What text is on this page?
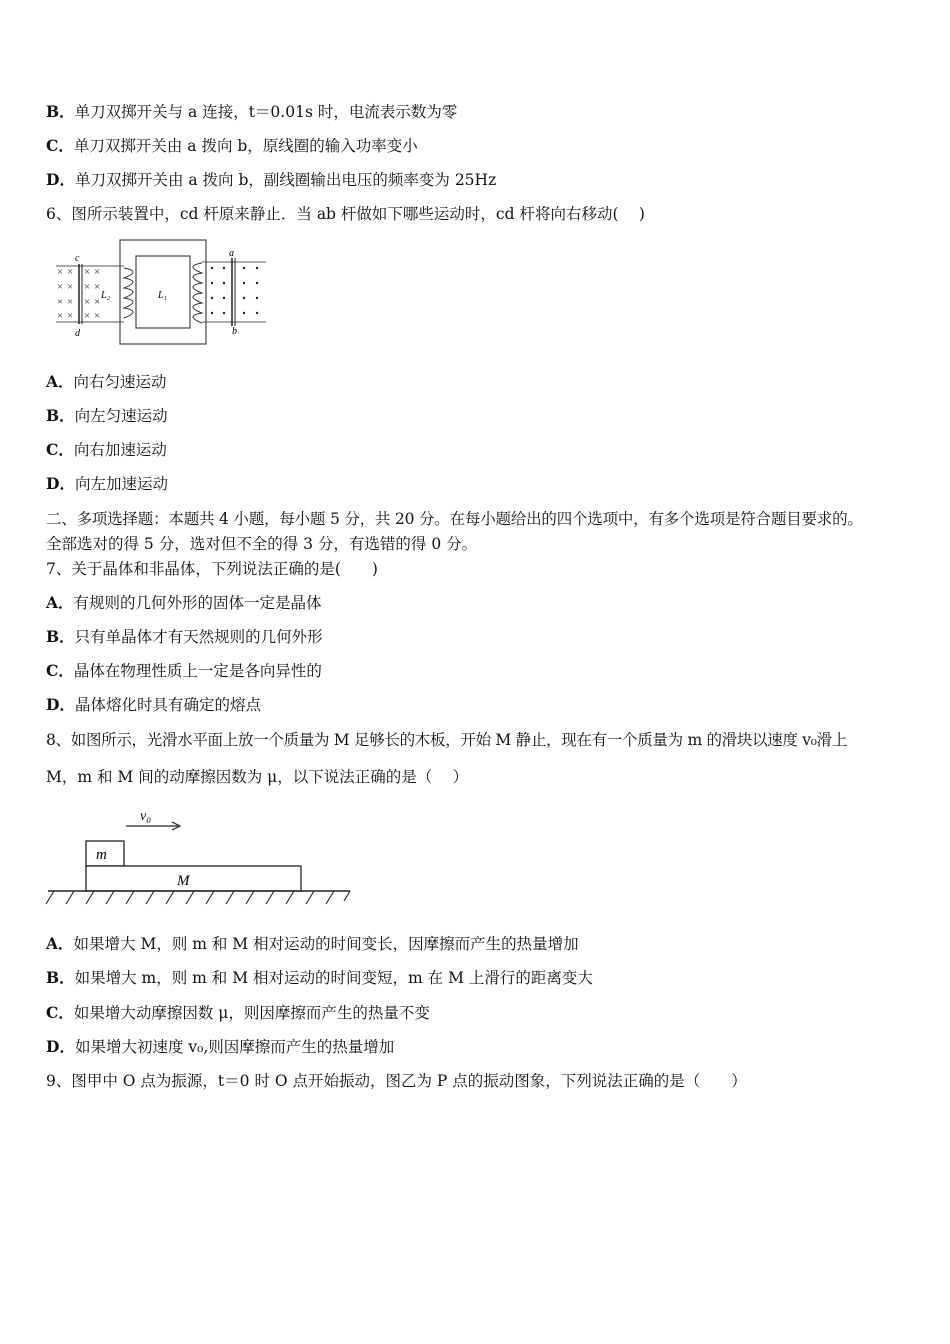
B．单刀双掷开关与 a 连接，t＝0.01s 时，电流表示数为零
C．单刀双掷开关由 a 拨向 b，原线圈的输入功率变小
D．单刀双掷开关由 a 拨向 b，副线圈输出电压的频率变为 25Hz
6、图所示装置中，cd 杆原来静止．当 ab 杆做如下哪些运动时，cd 杆将向右移动(　 )
× × × ×
× × × ×
× × × ×
× × × ×
c
d
L₂	L₁
a
b
A．向右匀速运动
B．向左匀速运动
C．向右加速运动
D．向左加速运动
二、多项选择题：本题共 4 小题，每小题 5 分，共 20 分。在每小题给出的四个选项中，有多个选项是符合题目要求的。
全部选对的得 5 分，选对但不全的得 3 分，有选错的得 0 分。
7、关于晶体和非晶体，下列说法正确的是(　　)
A．有规则的几何外形的固体一定是晶体
B．只有单晶体才有天然规则的几何外形
C．晶体在物理性质上一定是各向异性的
D．晶体熔化时具有确定的熔点
8、如图所示，光滑水平面上放一个质量为 M 足够长的木板，开始 M 静止，现在有一个质量为 m 的滑块以速度 v₀滑上
M，m 和 M 间的动摩擦因数为 μ，以下说法正确的是（　 ）
v₀
m
M
A．如果增大 M，则 m 和 M 相对运动的时间变长，因摩擦而产生的热量增加
B．如果增大 m，则 m 和 M 相对运动的时间变短，m 在 M 上滑行的距离变大
C．如果增大动摩擦因数 μ，则因摩擦而产生的热量不变
D．如果增大初速度 v₀,则因摩擦而产生的热量增加
9、图甲中 O 点为振源，t＝0 时 O 点开始振动，图乙为 P 点的振动图象，下列说法正确的是（　　）
